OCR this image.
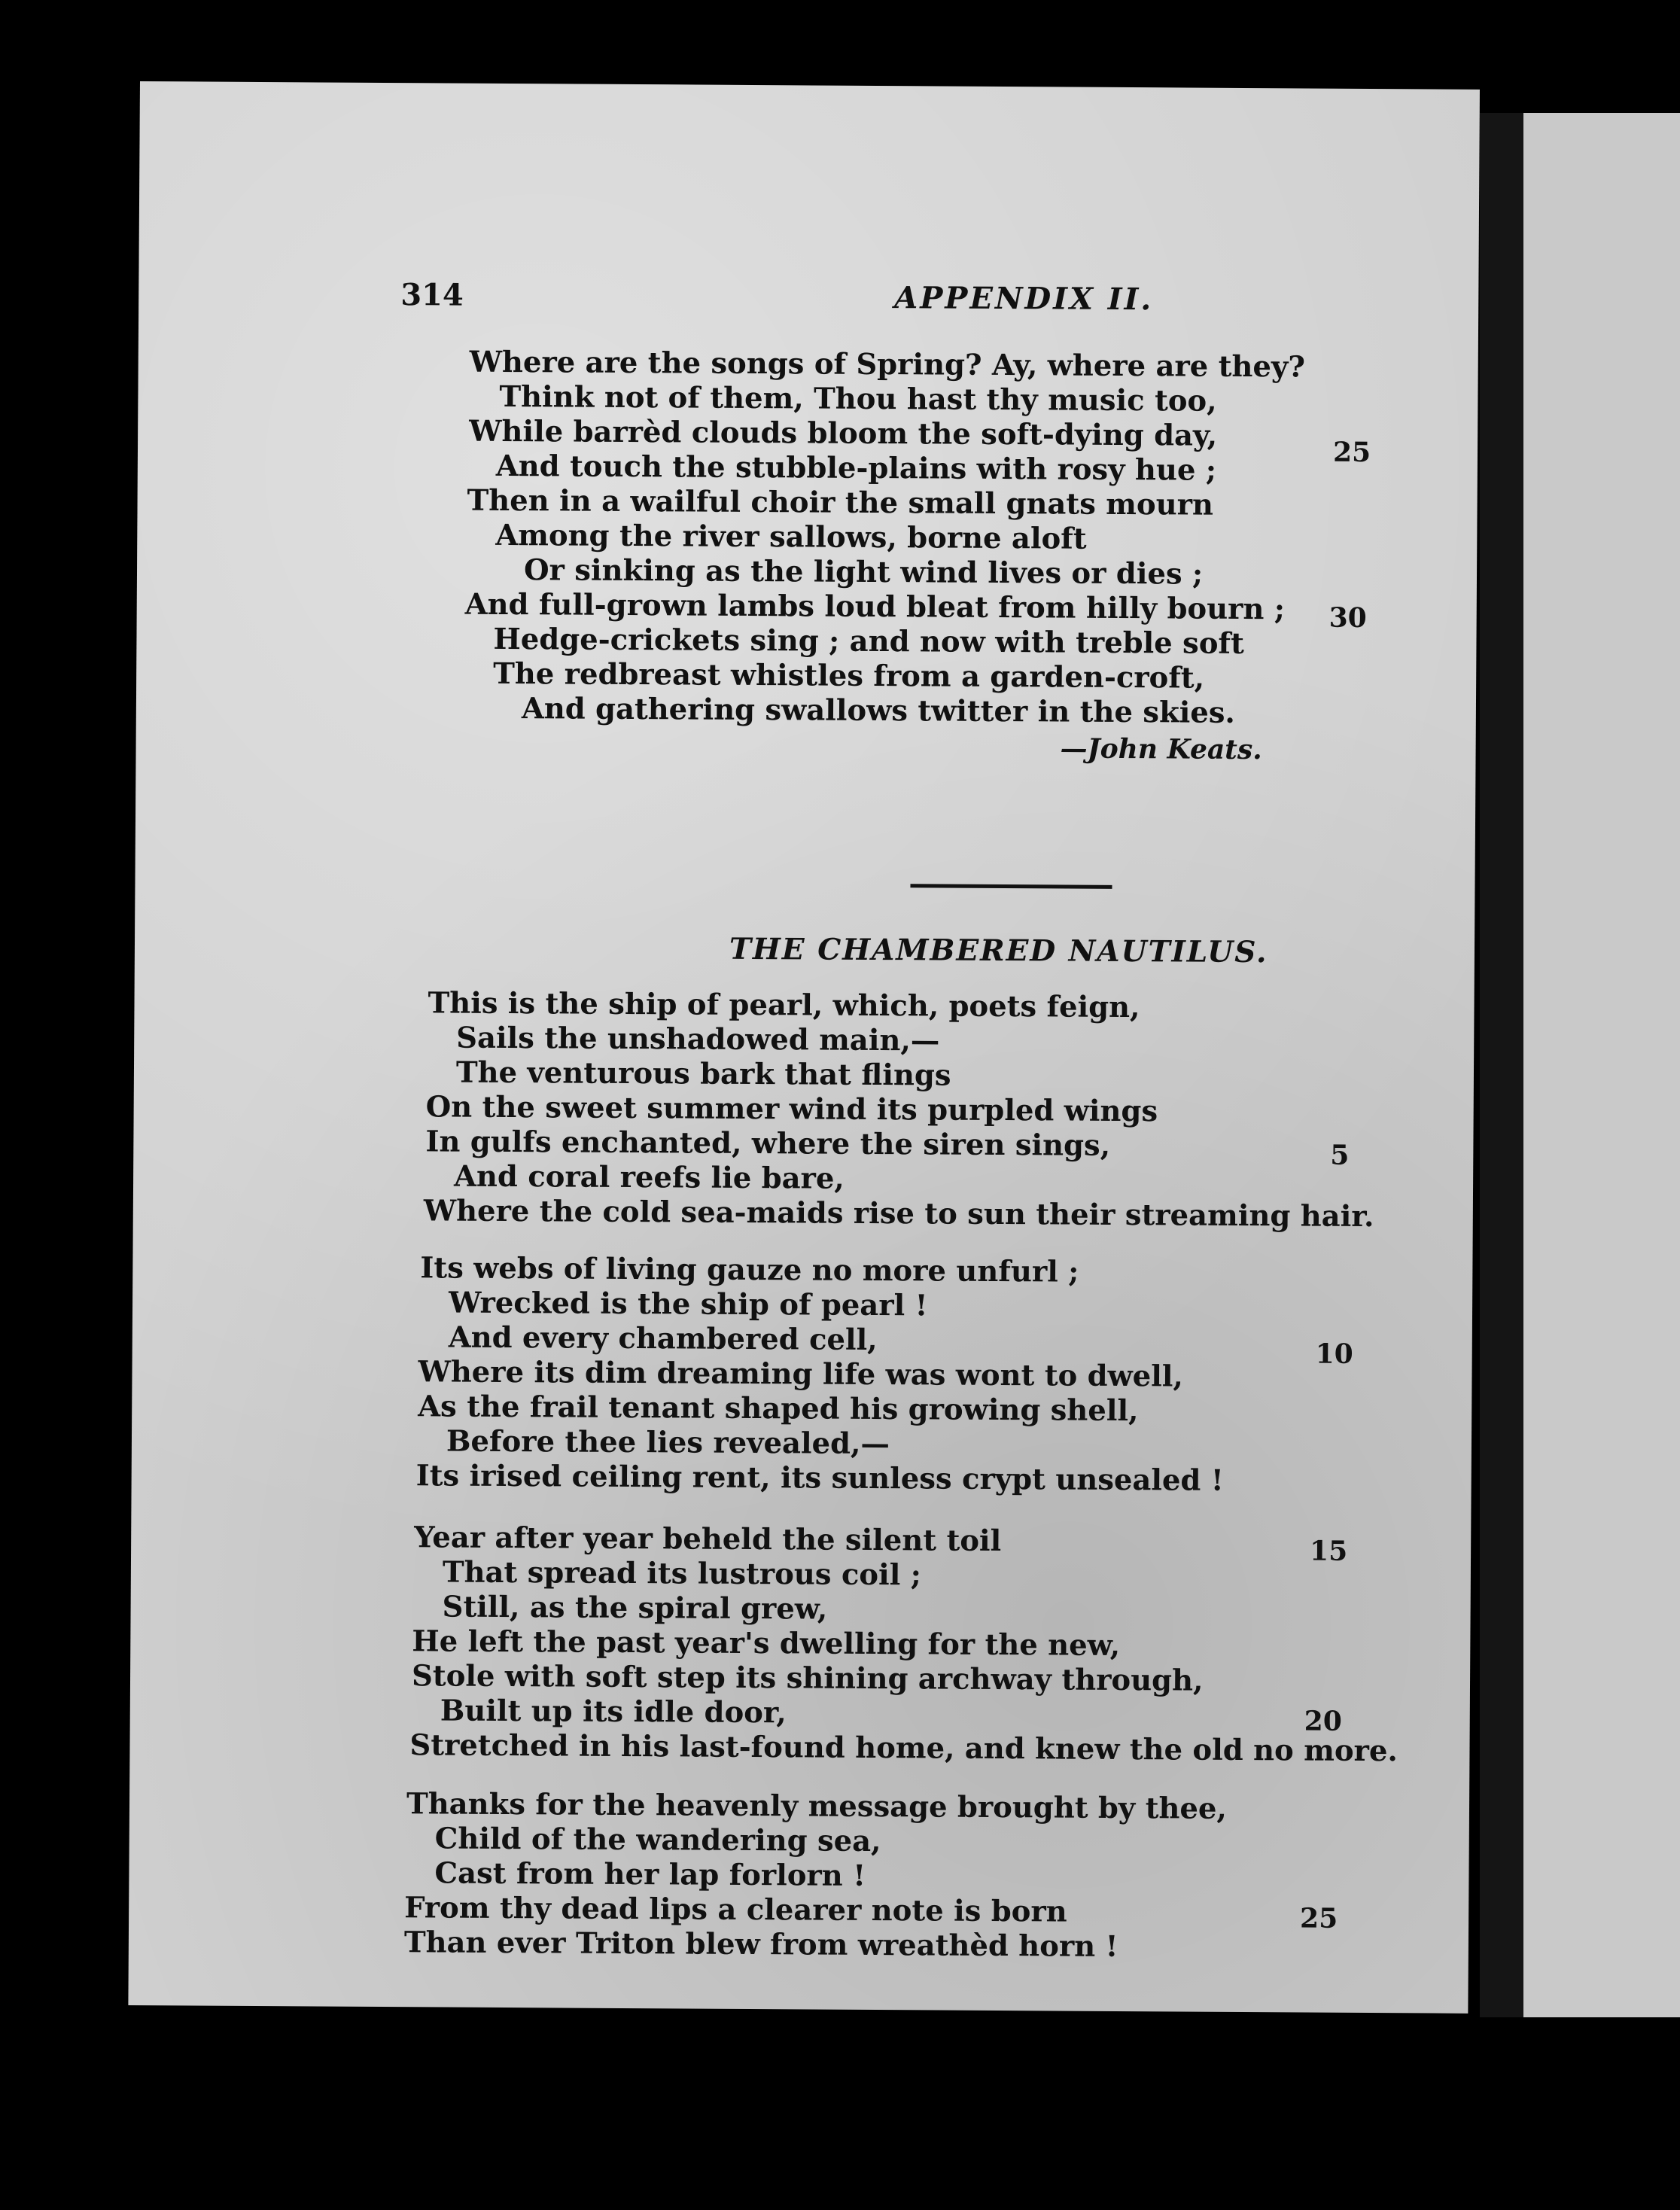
314	APPENDIX II.
Where are the songs of Spring? Ay, where are they?
Think not of them, Thou hast thy music too,
While barrèd clouds bloom the soft-dying day,
And touch the stubble-plains with rosy hue ;
Then in a wailful choir the small gnats mourn
Among the river sallows, borne aloft
Or sinking as the light wind lives or dies ;
And full-grown lambs loud bleat from hilly bourn ;
Hedge-crickets sing ; and now with treble soft
The redbreast whistles from a garden-croft,
And gathering swallows twitter in the skies.
25
30
—John Keats.
THE CHAMBERED NAUTILUS.
This is the ship of pearl, which, poets feign,
Sails the unshadowed main,—
The venturous bark that flings
On the sweet summer wind its purpled wings
In gulfs enchanted, where the siren sings,
And coral reefs lie bare,
Where the cold sea-maids rise to sun their streaming hair.
5
Its webs of living gauze no more unfurl ;
Wrecked is the ship of pearl !
And every chambered cell,
Where its dim dreaming life was wont to dwell,
As the frail tenant shaped his growing shell,
Before thee lies revealed,—
Its irised ceiling rent, its sunless crypt unsealed !
10
Year after year beheld the silent toil
That spread its lustrous coil ;
Still, as the spiral grew,
He left the past year's dwelling for the new,
Stole with soft step its shining archway through,
Built up its idle door,
Stretched in his last-found home, and knew the old no more.
15
20
Thanks for the heavenly message brought by thee,
Child of the wandering sea,
Cast from her lap forlorn !
From thy dead lips a clearer note is born
Than ever Triton blew from wreathèd horn !
25
